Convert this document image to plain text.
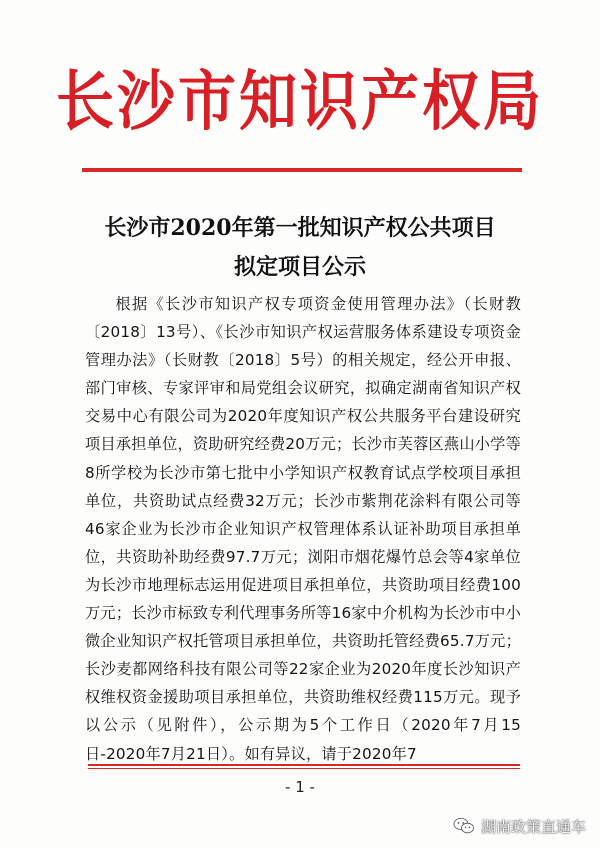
长沙市知识产权局
长沙市2020年第一批知识产权公共项目
拟定项目公示
根据《长沙市知识产权专项资金使用管理办法》（长财教〔2018〕13号）、《长沙市知识产权运营服务体系建设专项资金管理办法》（长财教〔2018〕5号）的相关规定，经公开申报、部门审核、专家评审和局党组会议研究，拟确定湖南省知识产权交易中心有限公司为2020年度知识产权公共服务平台建设研究项目承担单位，资助研究经费20万元；长沙市芙蓉区燕山小学等8所学校为长沙市第七批中小学知识产权教育试点学校项目承担单位，共资助试点经费32万元；长沙市紫荆花涂料有限公司等46家企业为长沙市企业知识产权管理体系认证补助项目承担单位，共资助补助经费97.7万元；浏阳市烟花爆竹总会等4家单位为长沙市地理标志运用促进项目承担单位，共资助项目经费100万元；长沙市标致专利代理事务所等16家中介机构为长沙市中小微企业知识产权托管项目承担单位，共资助托管经费65.7万元；长沙麦都网络科技有限公司等22家企业为2020年度长沙知识产权维权资金援助项目承担单位，共资助维权经费115万元。现予以公示（见附件），公示期为5个工作日（2020年7月15日-2020年7月21日）。如有异议，请于2020年7
- 1 -
湖南政策直通车
